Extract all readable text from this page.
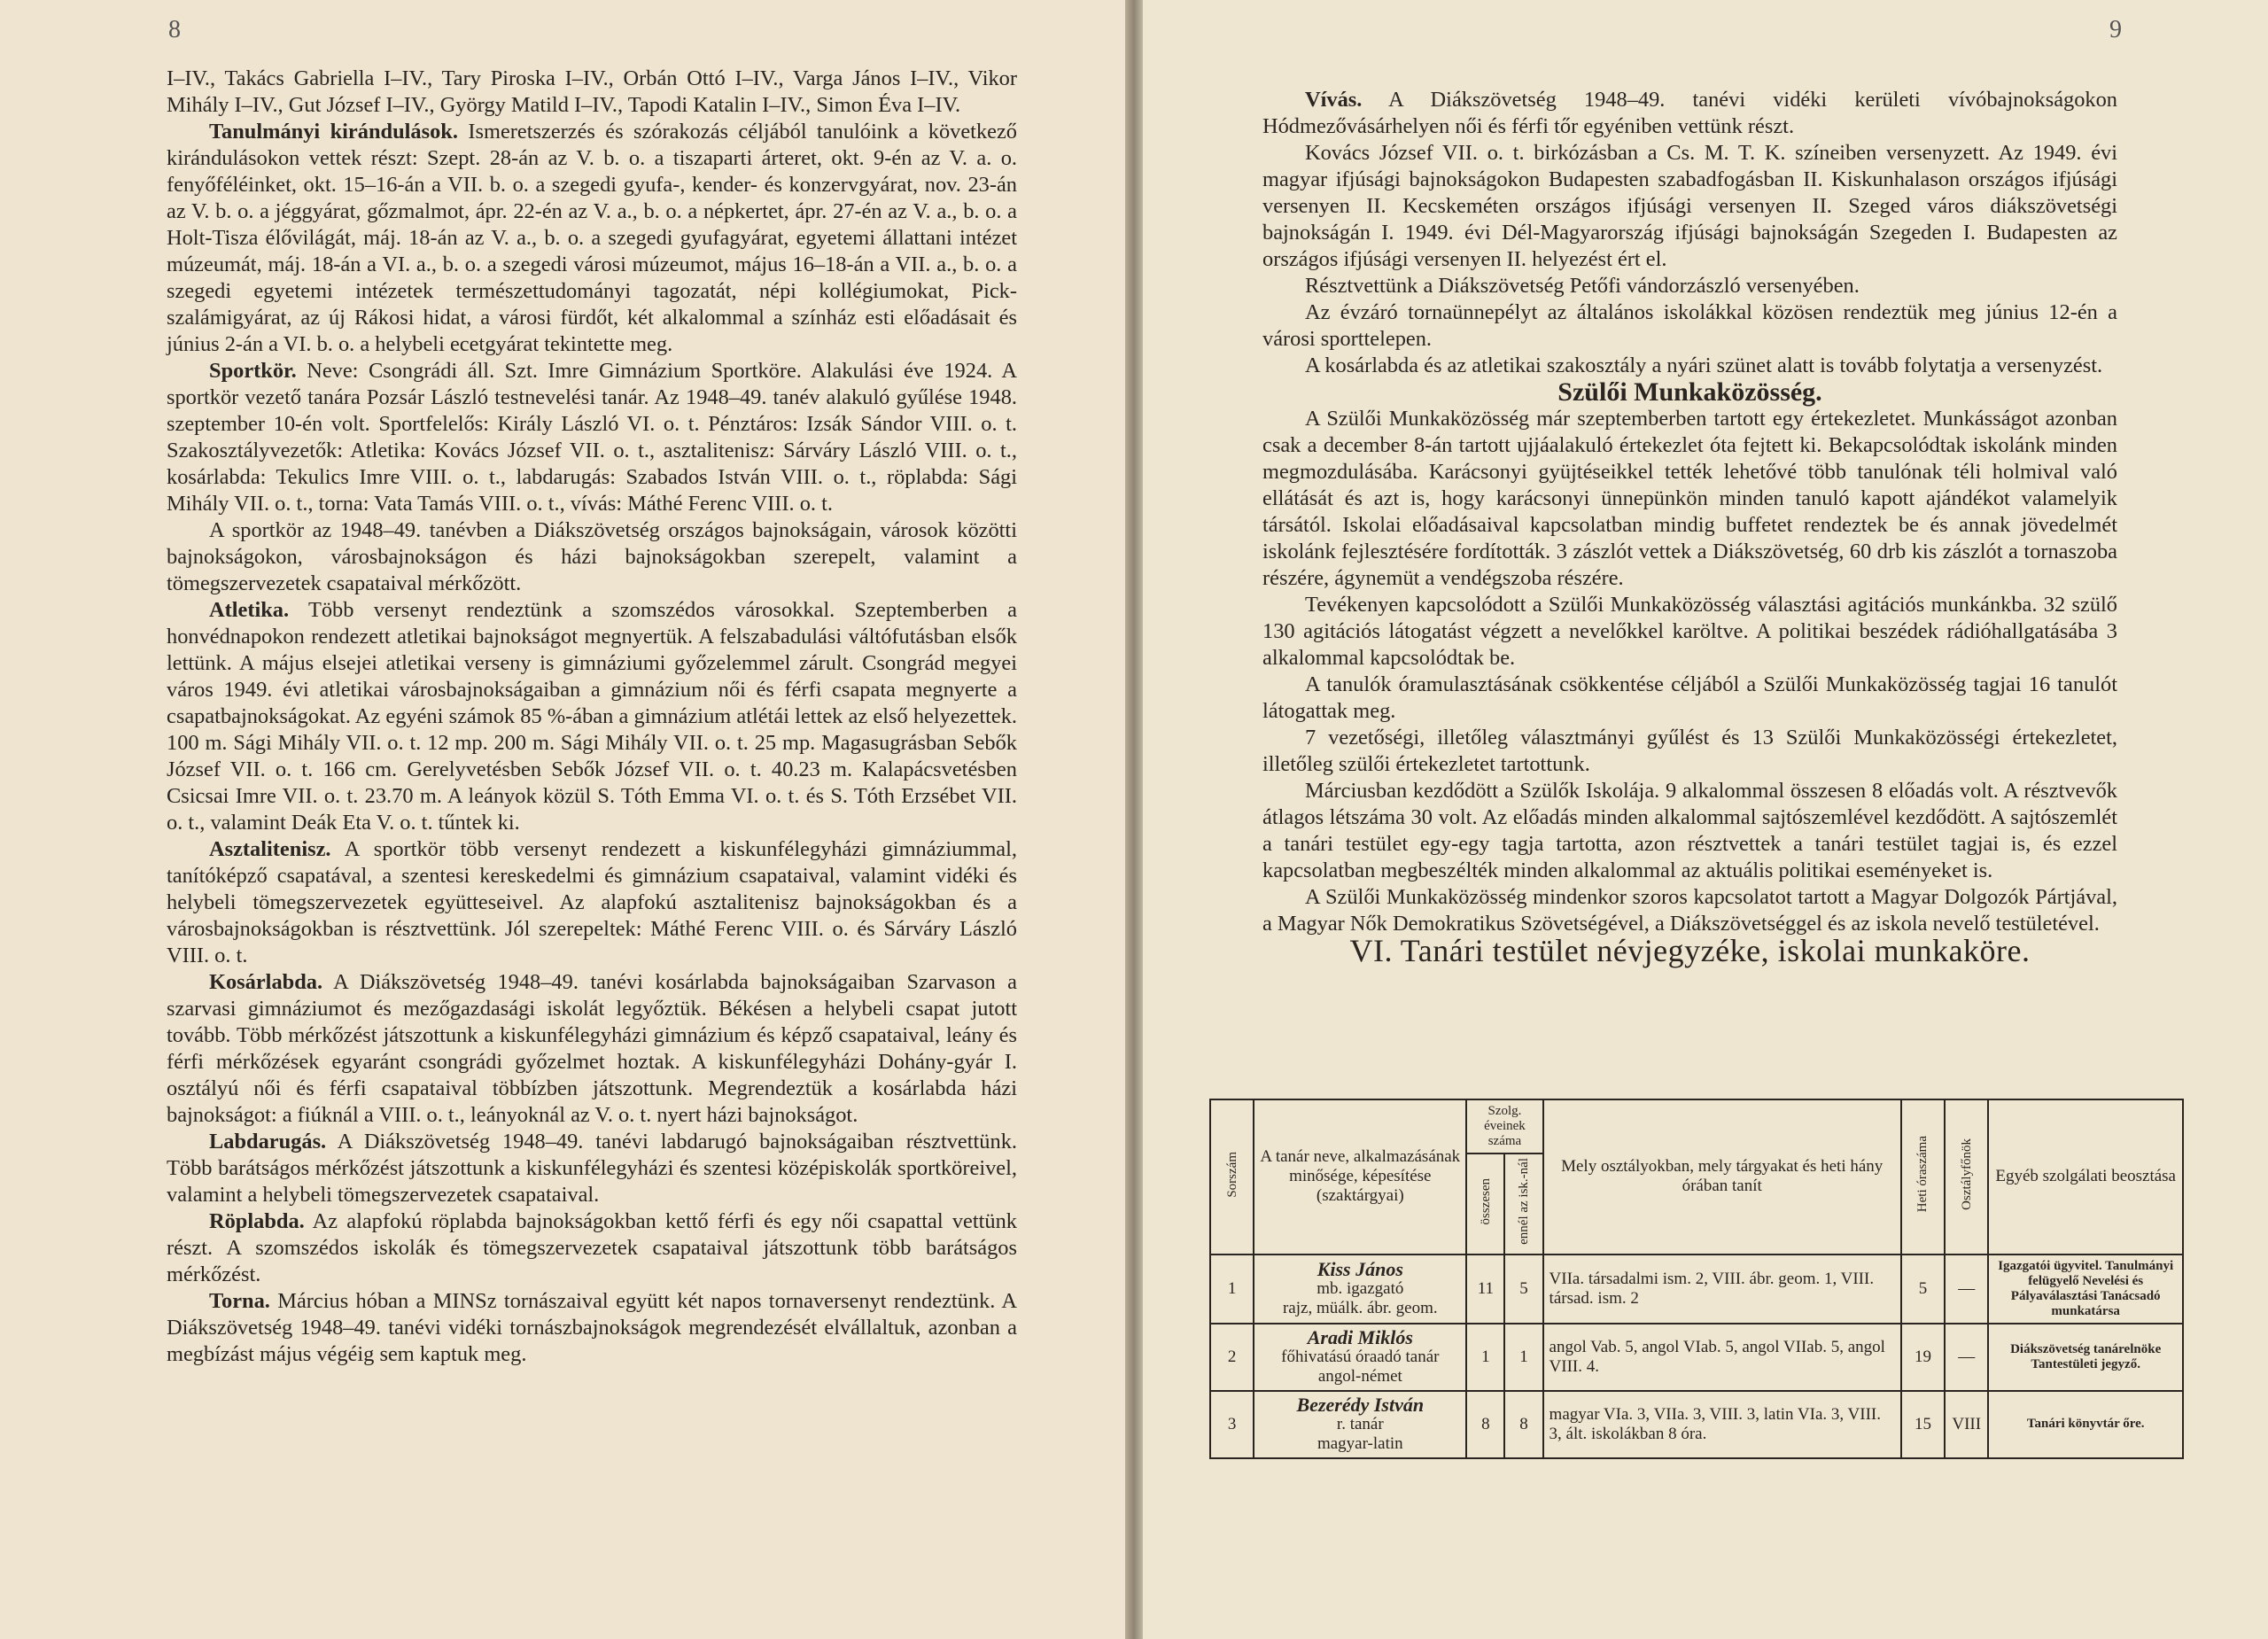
8

I–IV., Takács Gabriella I–IV., Tary Piroska I–IV., Orbán Ottó I–IV., Varga János I–IV., Vikor Mihály I–IV., Gut József I–IV., György Matild I–IV., Tapodi Katalin I–IV., Simon Éva I–IV.

Tanulmányi kirándulások. Ismeretszerzés és szórakozás céljából tanulóink a következő kirándulásokon vettek részt: Szept. 28-án az V. b. o. a tiszaparti árteret, okt. 9-én az V. a. o. fenyőféléinket, okt. 15–16-án a VII. b. o. a szegedi gyufa-, kender- és konzervgyárat, nov. 23-án az V. b. o. a jéggyárat, gőzmalmot, ápr. 22-én az V. a., b. o. a népkertet, ápr. 27-én az V. a., b. o. a Holt-Tisza élővilágát, máj. 18-án az V. a., b. o. a szegedi gyufagyárat, egyetemi állattani intézet múzeumát, máj. 18-án a VI. a., b. o. a szegedi városi múzeumot, május 16–18-án a VII. a., b. o. a szegedi egyetemi intézetek természettudományi tagozatát, népi kollégiumokat, Pick-szalámigyárat, az új Rákosi hidat, a városi fürdőt, két alkalommal a színház esti előadásait és június 2-án a VI. b. o. a helybeli ecetgyárat tekintette meg.

Sportkör. Neve: Csongrádi áll. Szt. Imre Gimnázium Sportköre. Alakulási éve 1924. A sportkör vezető tanára Pozsár László testnevelési tanár. Az 1948–49. tanév alakuló gyűlése 1948. szeptember 10-én volt. Sportfelelős: Király László VI. o. t. Pénztáros: Izsák Sándor VIII. o. t. Szakosztályvezetők: Atletika: Kovács József VII. o. t., asztalitenisz: Sárváry László VIII. o. t., kosárlabda: Tekulics Imre VIII. o. t., labdarugás: Szabados István VIII. o. t., röplabda: Sági Mihály VII. o. t., torna: Vata Tamás VIII. o. t., vívás: Máthé Ferenc VIII. o. t.

A sportkör az 1948–49. tanévben a Diákszövetség országos bajnokságain, városok közötti bajnokságokon, városbajnokságon és házi bajnokságokban szerepelt, valamint a tömegszervezetek csapataival mérkőzött.

Atletika. Több versenyt rendeztünk a szomszédos városokkal. Szeptemberben a honvédnapokon rendezett atletikai bajnokságot megnyertük. A felszabadulási váltófutásban elsők lettünk. A május elsejei atletikai verseny is gimnáziumi győzelemmel zárult. Csongrád megyei város 1949. évi atletikai városbajnokságaiban a gimnázium női és férfi csapata megnyerte a csapatbajnokságokat. Az egyéni számok 85 %-ában a gimnázium atlétái lettek az első helyezettek. 100 m. Sági Mihály VII. o. t. 12 mp. 200 m. Sági Mihály VII. o. t. 25 mp. Magasugrásban Sebők József VII. o. t. 166 cm. Gerelyvetésben Sebők József VII. o. t. 40.23 m. Kalapácsvetésben Csicsai Imre VII. o. t. 23.70 m. A leányok közül S. Tóth Emma VI. o. t. és S. Tóth Erzsébet VII. o. t., valamint Deák Eta V. o. t. tűntek ki.

Asztalitenisz. A sportkör több versenyt rendezett a kiskunfélegyházi gimnáziummal, tanítóképző csapatával, a szentesi kereskedelmi és gimnázium csapataival, valamint vidéki és helybeli tömegszervezetek együtteseivel. Az alapfokú asztalitenisz bajnokságokban és a városbajnokságokban is résztvettünk. Jól szerepeltek: Máthé Ferenc VIII. o. és Sárváry László VIII. o. t.

Kosárlabda. A Diákszövetség 1948–49. tanévi kosárlabda bajnokságaiban Szarvason a szarvasi gimnáziumot és mezőgazdasági iskolát legyőztük. Békésen a helybeli csapat jutott tovább. Több mérkőzést játszottunk a kiskunfélegyházi gimnázium és képző csapataival, leány és férfi mérkőzések egyaránt csongrádi győzelmet hoztak. A kiskunfélegyházi Dohány-gyár I. osztályú női és férfi csapataival többízben játszottunk. Megrendeztük a kosárlabda házi bajnokságot: a fiúknál a VIII. o. t., leányoknál az V. o. t. nyert házi bajnokságot.

Labdarugás. A Diákszövetség 1948–49. tanévi labdarugó bajnokságaiban résztvettünk. Több barátságos mérkőzést játszottunk a kiskunfélegyházi és szentesi középiskolák sportköreivel, valamint a helybeli tömegszervezetek csapataival.

Röplabda. Az alapfokú röplabda bajnokságokban kettő férfi és egy női csapattal vettünk részt. A szomszédos iskolák és tömegszervezetek csapataival játszottunk több barátságos mérkőzést.

Torna. Március hóban a MINSz tornászaival együtt két napos tornaversenyt rendeztünk. A Diákszövetség 1948–49. tanévi vidéki tornászbajnokságok megrendezését elvállaltuk, azonban a megbízást május végéig sem kaptuk meg.

9

Vívás. A Diákszövetség 1948–49. tanévi vidéki kerületi vívóbajnokságokon Hódmezővásárhelyen női és férfi tőr egyéniben vettünk részt.

Kovács József VII. o. t. birkózásban a Cs. M. T. K. színeiben versenyzett. Az 1949. évi magyar ifjúsági bajnokságokon Budapesten szabadfogásban II. Kiskunhalason országos ifjúsági versenyen II. Kecskeméten országos ifjúsági versenyen II. Szeged város diákszövetségi bajnokságán I. 1949. évi Dél-Magyarország ifjúsági bajnokságán Szegeden I. Budapesten az országos ifjúsági versenyen II. helyezést ért el.

Résztvettünk a Diákszövetség Petőfi vándorzászló versenyében.

Az évzáró tornaünnepélyt az általános iskolákkal közösen rendeztük meg június 12-én a városi sporttelepen.

A kosárlabda és az atletikai szakosztály a nyári szünet alatt is tovább folytatja a versenyzést.

Szülői Munkaközösség.

A Szülői Munkaközösség már szeptemberben tartott egy értekezletet. Munkásságot azonban csak a december 8-án tartott ujjáalakuló értekezlet óta fejtett ki. Bekapcsolódtak iskolánk minden megmozdulásába. Karácsonyi gyüjtéseikkel tették lehetővé több tanulónak téli holmival való ellátását és azt is, hogy karácsonyi ünnepünkön minden tanuló kapott ajándékot valamelyik társától. Iskolai előadásaival kapcsolatban mindig buffetet rendeztek be és annak jövedelmét iskolánk fejlesztésére fordították. 3 zászlót vettek a Diákszövetség, 60 drb kis zászlót a tornaszoba részére, ágynemüt a vendégszoba részére.

Tevékenyen kapcsolódott a Szülői Munkaközösség választási agitációs munkánkba. 32 szülő 130 agitációs látogatást végzett a nevelőkkel karöltve. A politikai beszédek rádióhallgatásába 3 alkalommal kapcsolódtak be.

A tanulók óramulasztásának csökkentése céljából a Szülői Munkaközösség tagjai 16 tanulót látogattak meg.

7 vezetőségi, illetőleg választmányi gyűlést és 13 Szülői Munkaközösségi értekezletet, illetőleg szülői értekezletet tartottunk.

Márciusban kezdődött a Szülők Iskolája. 9 alkalommal összesen 8 előadás volt. A résztvevők átlagos létszáma 30 volt. Az előadás minden alkalommal sajtószemlével kezdődött. A sajtószemlét a tanári testület egy-egy tagja tartotta, azon résztvettek a tanári testület tagjai is, és ezzel kapcsolatban megbeszélték minden alkalommal az aktuális politikai eseményeket is.

A Szülői Munkaközösség mindenkor szoros kapcsolatot tartott a Magyar Dolgozók Pártjával, a Magyar Nők Demokratikus Szövetségével, a Diákszövetséggel és az iskola nevelő testületével.

VI. Tanári testület névjegyzéke, iskolai munkaköre.

Sorszám	A tanár neve, alkalmazásának minősége, képesítése (szaktárgyai)	Szolg. éveinek száma		Mely osztályokban, mely tárgyakat és heti hány órában tanít	Heti óraszáma	Osztályfőnök	Egyéb szolgálati beosztása
		összesen	ennél az isk.-nál				
1	Kiss János
mb. igazgató
rajz, müálk. ábr. geom.	11	5	VIIa. társadalmi ism. 2, VIII. ábr. geom. 1, VIII. társad. ism. 2	5	—	Igazgatói ügyvitel. Tanulmányi felügyelő Nevelési és Pályaválasztási Tanácsadó munkatársa
2	Aradi Miklós
főhivatású óraadó tanár
angol-német	1	1	angol Vab. 5, angol VIab. 5, angol VIIab. 5, angol VIII. 4.	19	—	Diákszövetség tanárelnöke Tantestületi jegyző.
3	Bezerédy István
r. tanár
magyar-latin	8	8	magyar VIa. 3, VIIa. 3, VIII. 3, latin VIa. 3, VIII. 3, ált. iskolákban 8 óra.	15	VIII	Tanári könyvtár őre.
